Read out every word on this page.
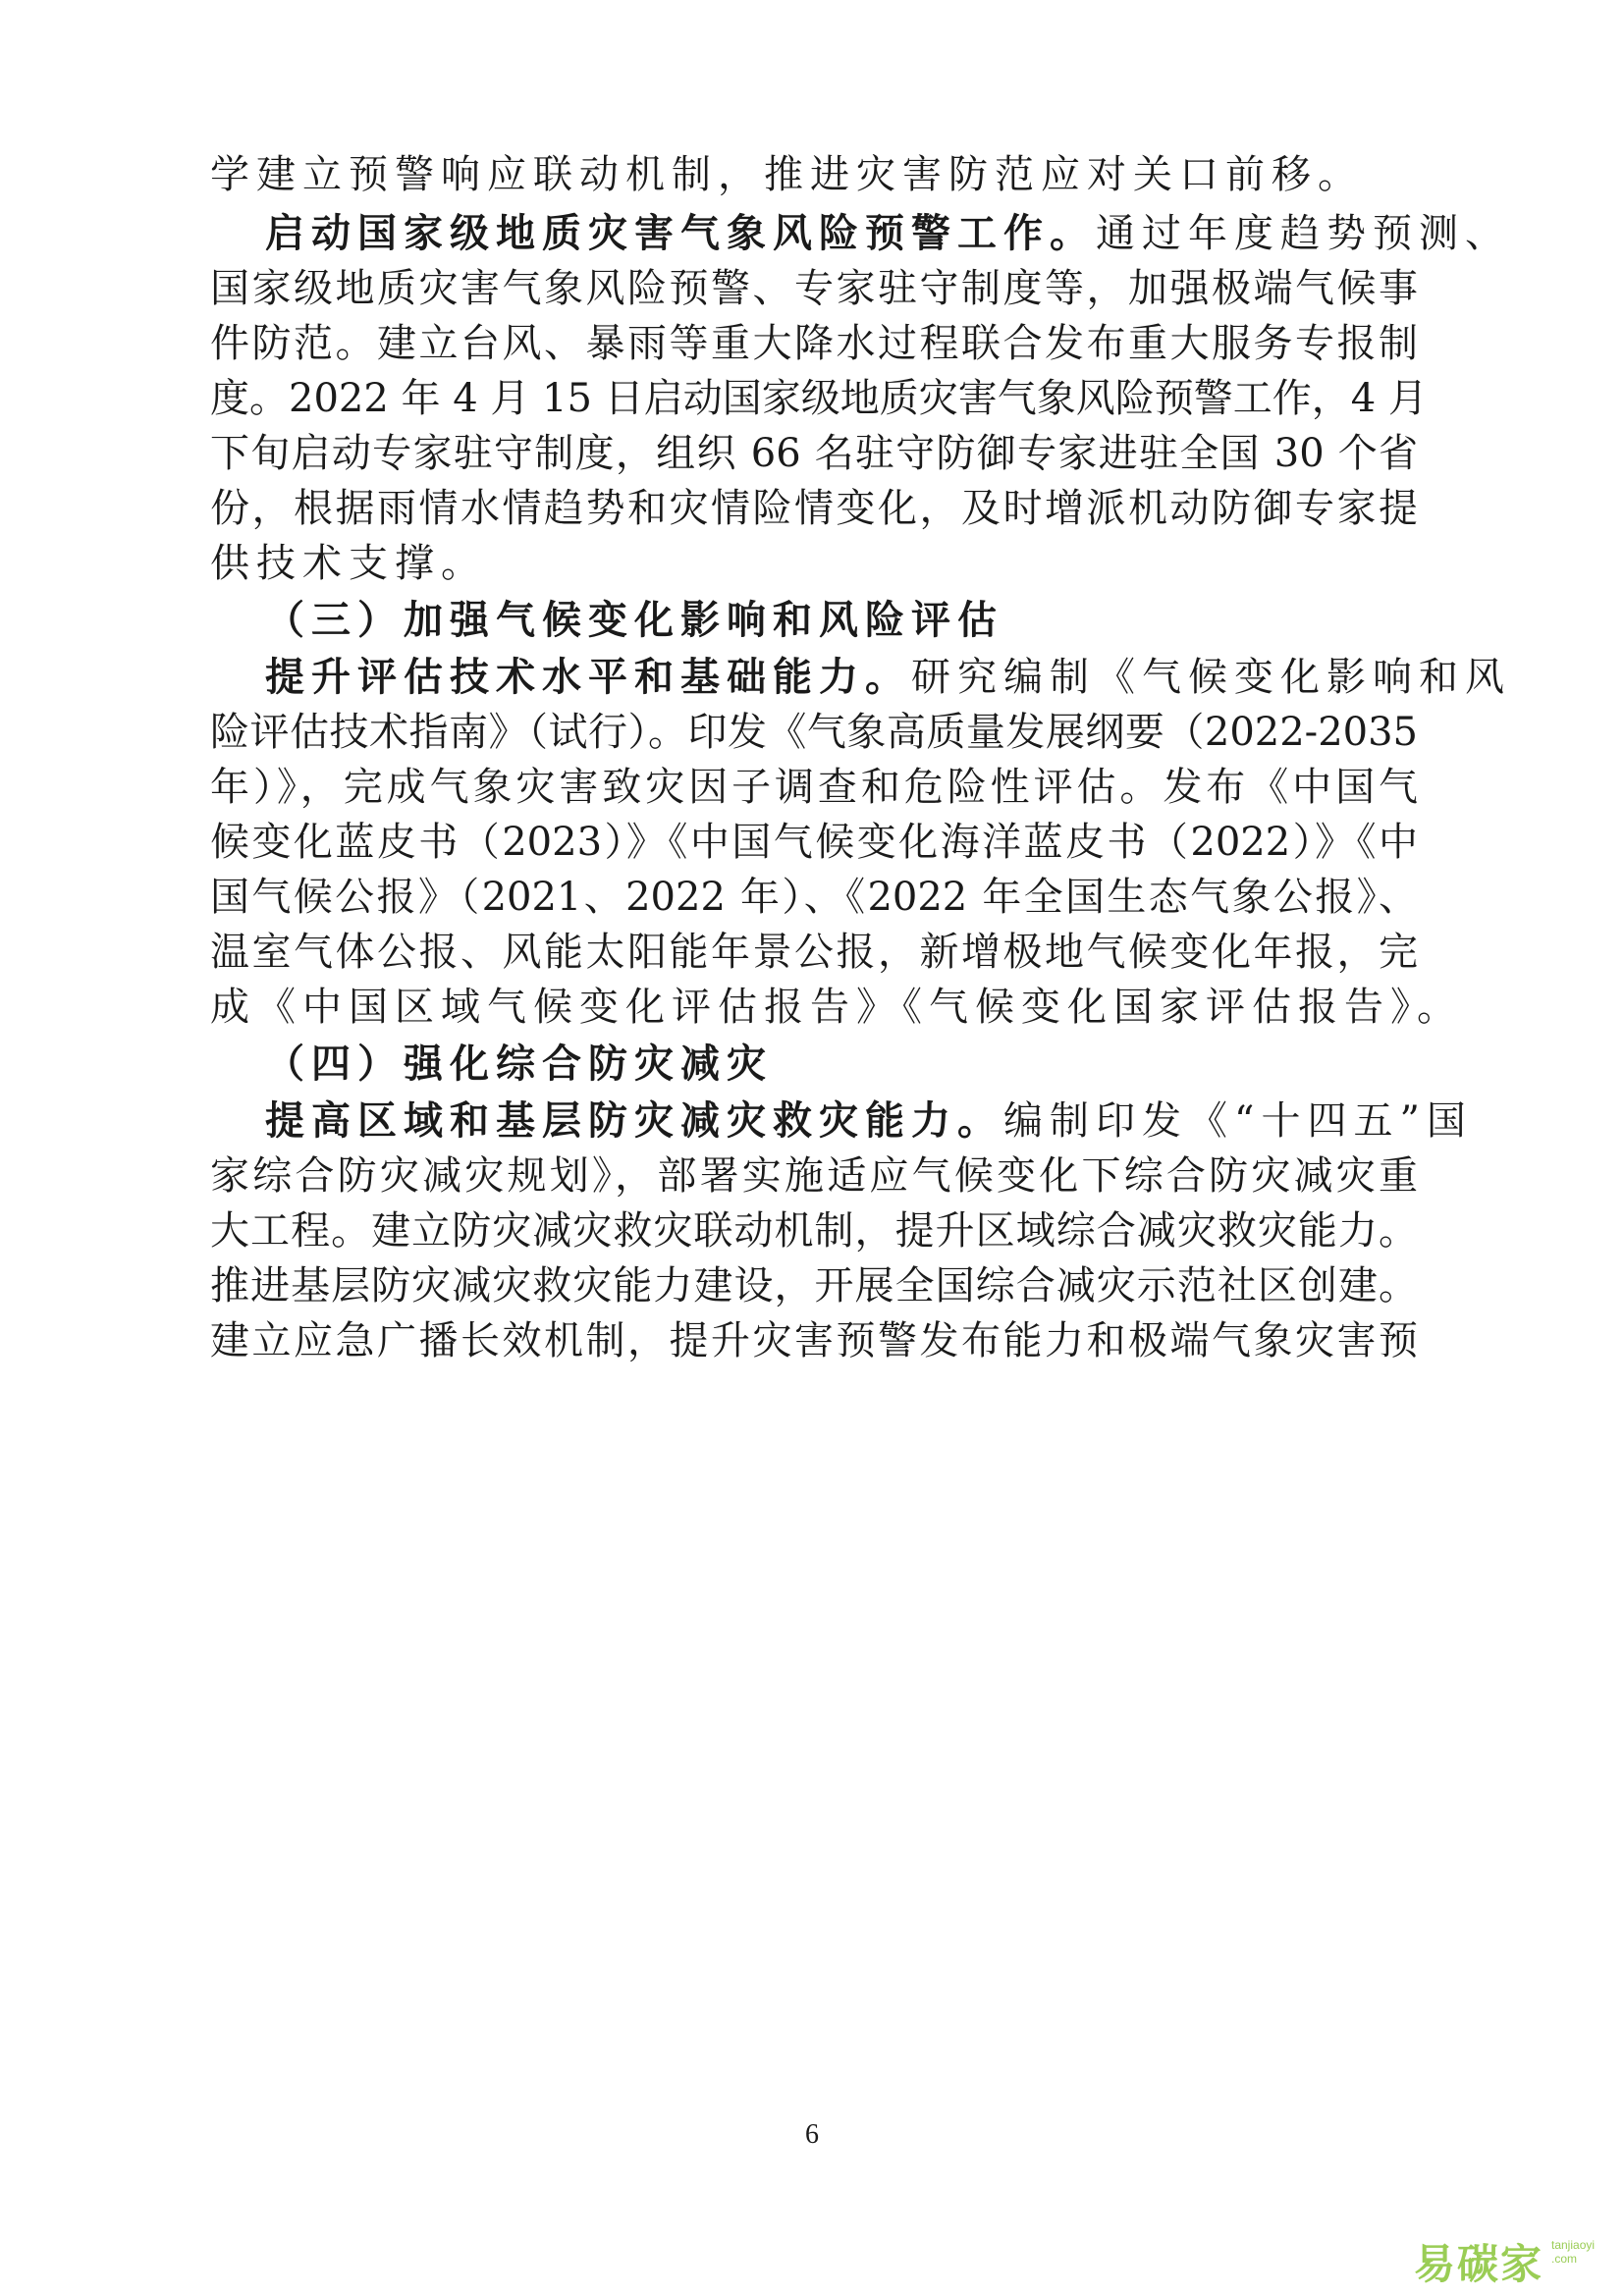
学建立预警响应联动机制，推进灾害防范应对关口前移。
启动国家级地质灾害气象风险预警工作。通过年度趋势预测、
国家级地质灾害气象风险预警、专家驻守制度等，加强极端气候事
件防范。建立台风、暴雨等重大降水过程联合发布重大服务专报制
度。2022 年 4 月 15 日启动国家级地质灾害气象风险预警工作，4 月
下旬启动专家驻守制度，组织 66 名驻守防御专家进驻全国 30 个省
份，根据雨情水情趋势和灾情险情变化，及时增派机动防御专家提
供技术支撑。
（三）加强气候变化影响和风险评估
提升评估技术水平和基础能力。研究编制《气候变化影响和风
险评估技术指南》（试行）。印发《气象高质量发展纲要（2022-2035
年）》，完成气象灾害致灾因子调查和危险性评估。发布《中国气
候变化蓝皮书（2023）》《中国气候变化海洋蓝皮书（2022）》《中
国气候公报》（2021、2022 年）、《2022 年全国生态气象公报》、
温室气体公报、风能太阳能年景公报，新增极地气候变化年报，完
成《中国区域气候变化评估报告》《气候变化国家评估报告》。
（四）强化综合防灾减灾
提高区域和基层防灾减灾救灾能力。编制印发《“十四五”国
家综合防灾减灾规划》，部署实施适应气候变化下综合防灾减灾重
大工程。建立防灾减灾救灾联动机制，提升区域综合减灾救灾能力。
推进基层防灾减灾救灾能力建设，开展全国综合减灾示范社区创建。
建立应急广播长效机制，提升灾害预警发布能力和极端气象灾害预
6
易碳家 tanjiaoyi .com
